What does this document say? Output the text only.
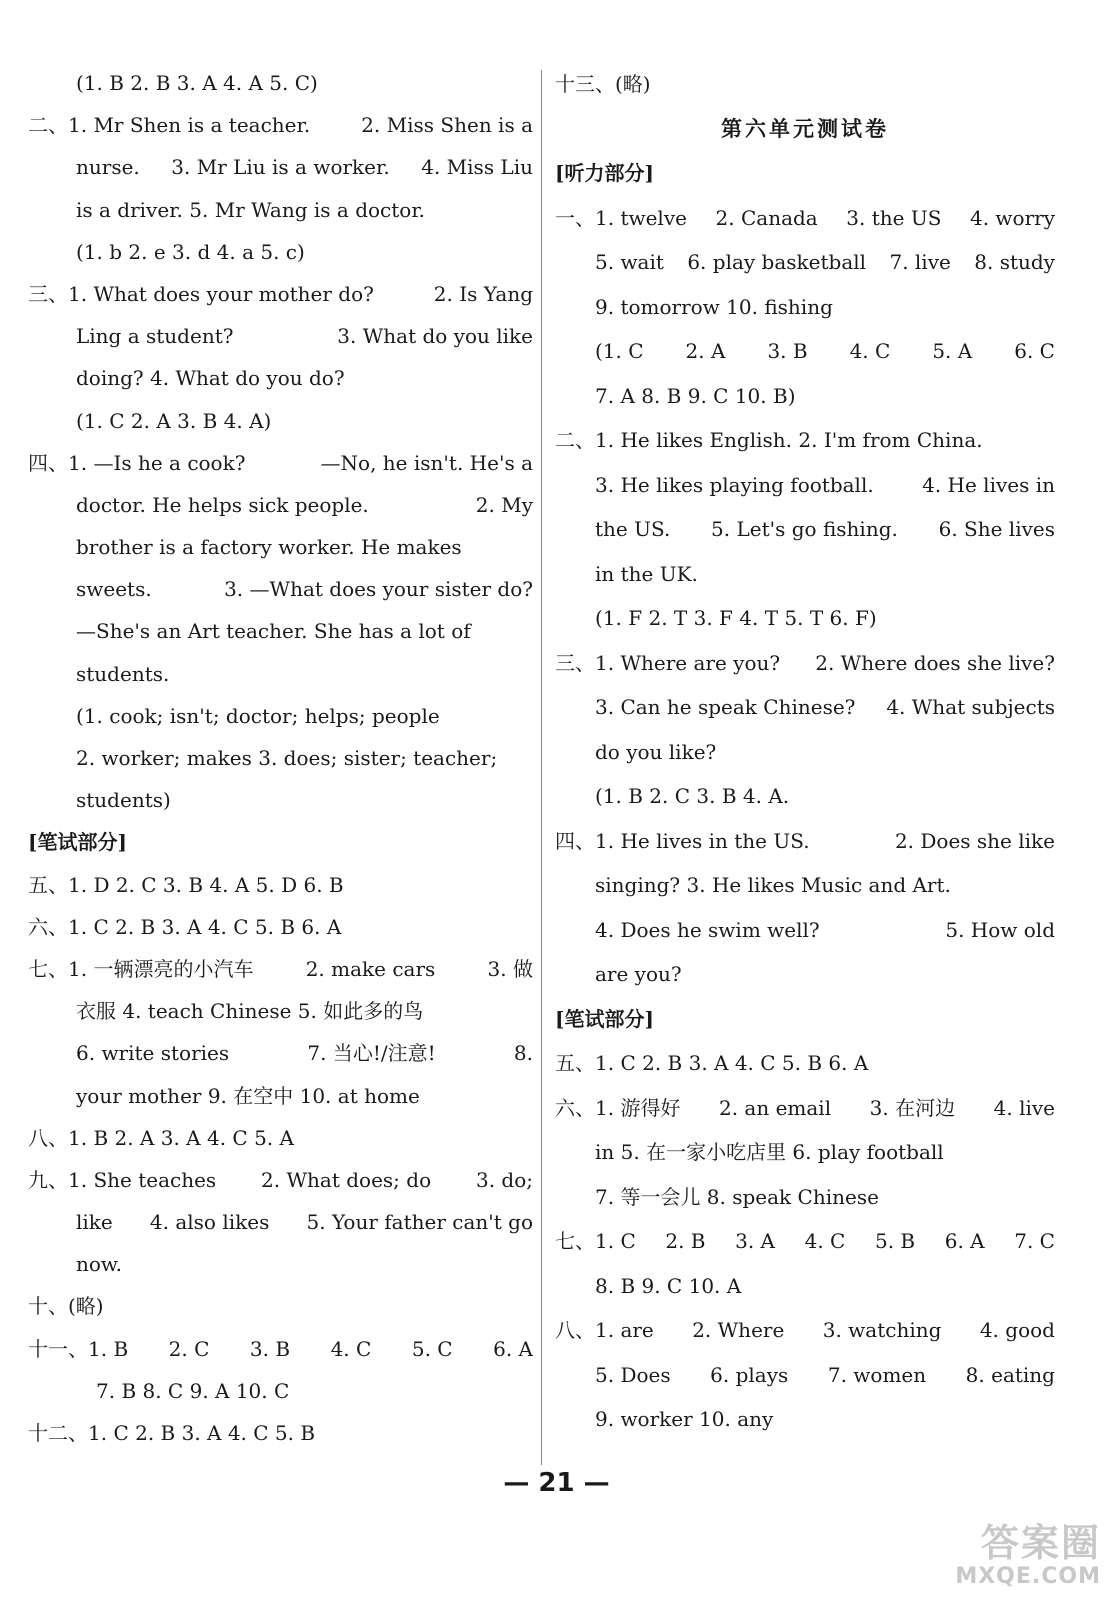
(1. B 2. B 3. A 4. A 5. C)
二、1. Mr Shen is a teacher.	2. Miss Shen is a
nurse. 3. Mr Liu is a worker. 4. Miss Liu
is a driver. 5. Mr Wang is a doctor.
(1. b 2. e 3. d 4. a 5. c)
三、1. What does your mother do?	2. Is Yang
Ling a student?	3. What do you like
doing? 4. What do you do?
(1. C 2. A 3. B 4. A)
四、1. —Is he a cook?	—No, he isn't. He's a
doctor. He helps sick people.	2. My
brother is a factory worker. He makes
sweets.	3. —What does your sister do?
—She's an Art teacher. She has a lot of
students.
(1. cook; isn't; doctor; helps; people
2. worker; makes 3. does; sister; teacher;
students)
[笔试部分]
五、1. D 2. C 3. B 4. A 5. D 6. B
六、1. C 2. B 3. A 4. C 5. B 6. A
七、1. 一辆漂亮的小汽车	2. make cars	3. 做
衣服 4. teach Chinese 5. 如此多的鸟
6. write stories	7. 当心!/注意!	8.
your mother 9. 在空中 10. at home
八、1. B 2. A 3. A 4. C 5. A
九、1. She teaches 2. What does; do 3. do;
like 4. also likes 5. Your father can't go
now.
十、(略)
十一、1. B 2. C 3. B 4. C 5. C 6. A
7. B 8. C 9. A 10. C
十二、1. C 2. B 3. A 4. C 5. B
十三、(略)
第六单元测试卷
[听力部分]
一、1. twelve 2. Canada 3. the US 4. worry
5. wait 6. play basketball 7. live 8. study
9. tomorrow 10. fishing
(1. C 2. A 3. B 4. C 5. A 6. C
7. A 8. B 9. C 10. B)
二、1. He likes English. 2. I'm from China.
3. He likes playing football. 4. He lives in
the US. 5. Let's go fishing. 6. She lives
in the UK.
(1. F 2. T 3. F 4. T 5. T 6. F)
三、1. Where are you? 2. Where does she live?
3. Can he speak Chinese? 4. What subjects
do you like?
(1. B 2. C 3. B 4. A.
四、1. He lives in the US.	2. Does she like
singing? 3. He likes Music and Art.
4. Does he swim well?	5. How old
are you?
[笔试部分]
五、1. C 2. B 3. A 4. C 5. B 6. A
六、1. 游得好 2. an email 3. 在河边 4. live
in 5. 在一家小吃店里 6. play football
7. 等一会儿 8. speak Chinese
七、1. C 2. B 3. A 4. C 5. B 6. A 7. C
8. B 9. C 10. A
八、1. are 2. Where 3. watching 4. good
5. Does 6. plays 7. women 8. eating
9. worker 10. any
— 21 —
答案圈
MXQE.COM
